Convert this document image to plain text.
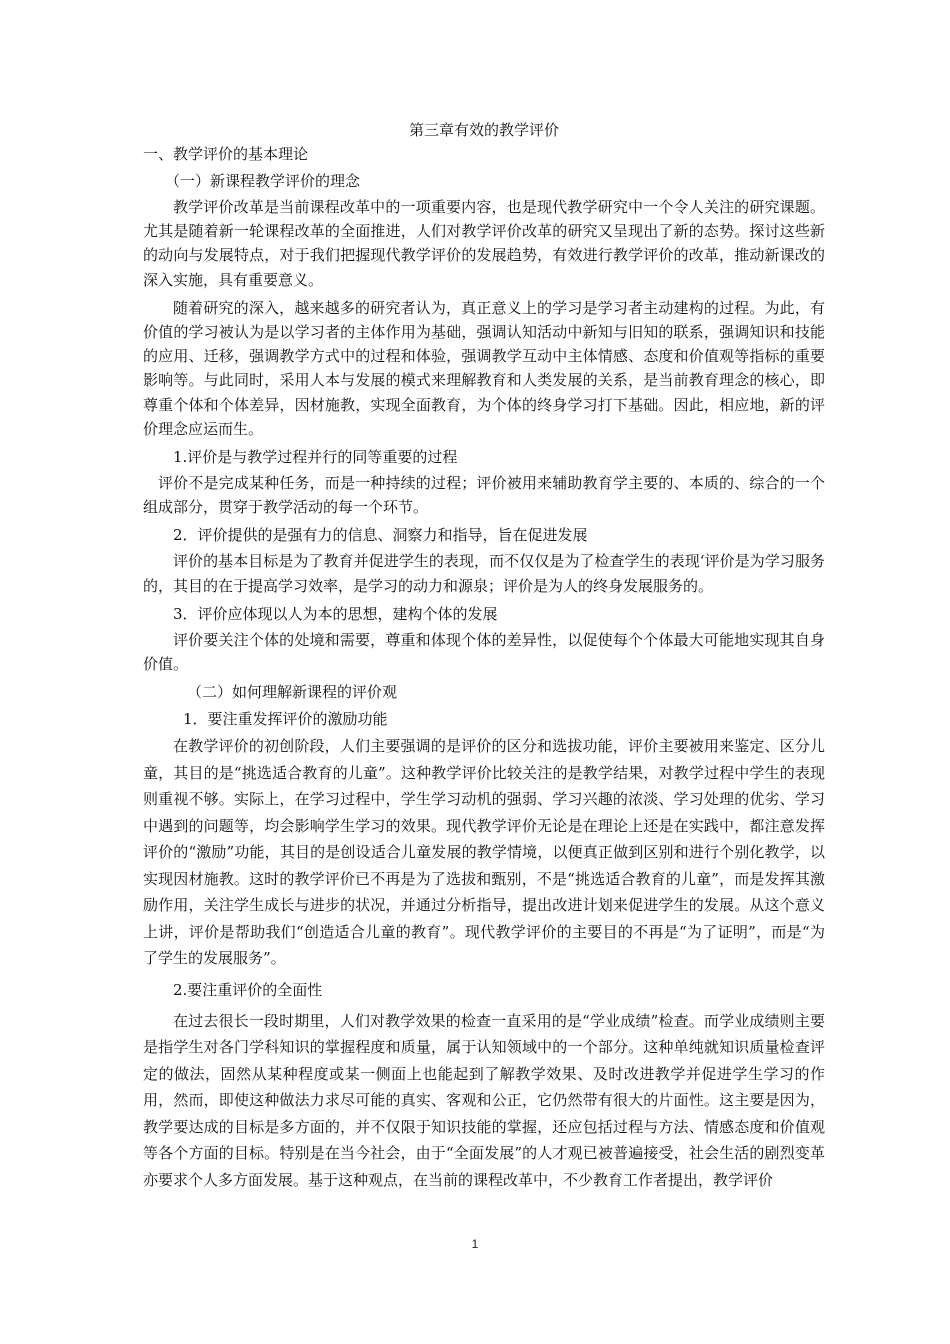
第三章有效的教学评价
一、教学评价的基本理论
（一）新课程教学评价的理念
教学评价改革是当前课程改革中的一项重要内容，也是现代教学研究中一个令人关注的研究课题。尤其是随着新一轮课程改革的全面推进，人们对教学评价改革的研究又呈现出了新的态势。探讨这些新的动向与发展特点，对于我们把握现代教学评价的发展趋势，有效进行教学评价的改革，推动新课改的深入实施，具有重要意义。
随着研究的深入，越来越多的研究者认为，真正意义上的学习是学习者主动建构的过程。为此，有价值的学习被认为是以学习者的主体作用为基础，强调认知活动中新知与旧知的联系，强调知识和技能的应用、迁移，强调教学方式中的过程和体验，强调教学互动中主体情感、态度和价值观等指标的重要影响等。与此同时，采用人本与发展的模式来理解教育和人类发展的关系，是当前教育理念的核心，即尊重个体和个体差异，因材施教，实现全面教育，为个体的终身学习打下基础。因此，相应地，新的评价理念应运而生。
1.评价是与教学过程并行的同等重要的过程
评价不是完成某种任务，而是一种持续的过程；评价被用来辅助教育学主要的、本质的、综合的一个组成部分，贯穿于教学活动的每一个环节。
2．评价提供的是强有力的信息、洞察力和指导，旨在促进发展
评价的基本目标是为了教育并促进学生的表现，而不仅仅是为了检查学生的表现‘评价是为学习服务的，其目的在于提高学习效率，是学习的动力和源泉；评价是为人的终身发展服务的。
3．评价应体现以人为本的思想，建构个体的发展
评价要关注个体的处境和需要，尊重和体现个体的差异性，以促使每个个体最大可能地实现其自身价值。
（二）如何理解新课程的评价观
1．要注重发挥评价的激励功能
在教学评价的初创阶段，人们主要强调的是评价的区分和选拔功能，评价主要被用来鉴定、区分儿童，其目的是“挑选适合教育的儿童”。这种教学评价比较关注的是教学结果，对教学过程中学生的表现则重视不够。实际上，在学习过程中，学生学习动机的强弱、学习兴趣的浓淡、学习处理的优劣、学习中遇到的问题等，均会影响学生学习的效果。现代教学评价无论是在理论上还是在实践中，都注意发挥评价的“激励”功能，其目的是创设适合儿童发展的教学情境，以便真正做到区别和进行个别化教学，以实现因材施教。这时的教学评价已不再是为了选拔和甄别，不是“挑选适合教育的儿童”，而是发挥其激励作用，关注学生成长与进步的状况，并通过分析指导，提出改进计划来促进学生的发展。从这个意义上讲，评价是帮助我们“创造适合儿童的教育”。现代教学评价的主要目的不再是“为了证明”，而是“为了学生的发展服务”。
2.要注重评价的全面性
在过去很长一段时期里，人们对教学效果的检查一直采用的是“学业成绩”检查。而学业成绩则主要是指学生对各门学科知识的掌握程度和质量，属于认知领域中的一个部分。这种单纯就知识质量检查评定的做法，固然从某种程度或某一侧面上也能起到了解教学效果、及时改进教学并促进学生学习的作用，然而，即使这种做法力求尽可能的真实、客观和公正，它仍然带有很大的片面性。这主要是因为，教学要达成的目标是多方面的，并不仅限于知识技能的掌握，还应包括过程与方法、情感态度和价值观等各个方面的目标。特别是在当今社会，由于“全面发展”的人才观已被普遍接受，社会生活的剧烈变革亦要求个人多方面发展。基于这种观点，在当前的课程改革中，不少教育工作者提出，教学评价
1
